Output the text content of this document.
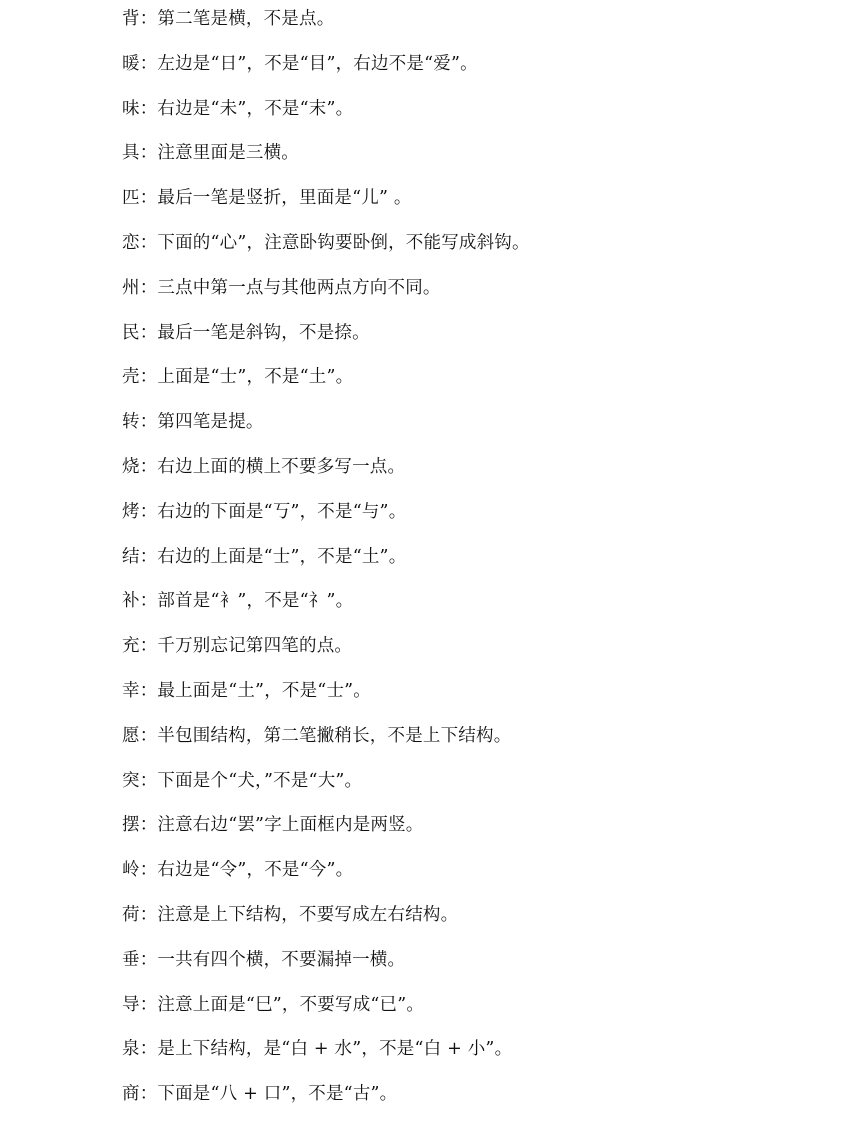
背：第二笔是横，不是点。
暖：左边是“日”，不是“目”，右边不是“爱”。
味：右边是“未”，不是“末”。
具：注意里面是三横。
匹：最后一笔是竖折，里面是“儿” 。
恋：下面的“心”，注意卧钩要卧倒，不能写成斜钩。
州：三点中第一点与其他两点方向不同。
民：最后一笔是斜钩，不是捺。
壳：上面是“士”，不是“土”。
转：第四笔是提。
烧：右边上面的横上不要多写一点。
烤：右边的下面是“丂”，不是“与”。
结：右边的上面是“士”，不是“土”。
补：部首是“衤”，不是“礻”。
充：千万别忘记第四笔的点。
幸：最上面是“土”，不是“士”。
愿：半包围结构，第二笔撇稍长，不是上下结构。
突：下面是个“犬，”不是“大”。
摆：注意右边“罢”字上面框内是两竖。
岭：右边是“令”，不是“今”。
荷：注意是上下结构，不要写成左右结构。
垂：一共有四个横，不要漏掉一横。
导：注意上面是“巳”，不要写成“已”。
泉：是上下结构，是“白 + 水”，不是“白 + 小”。
商：下面是“八 + 口”，不是“古”。
